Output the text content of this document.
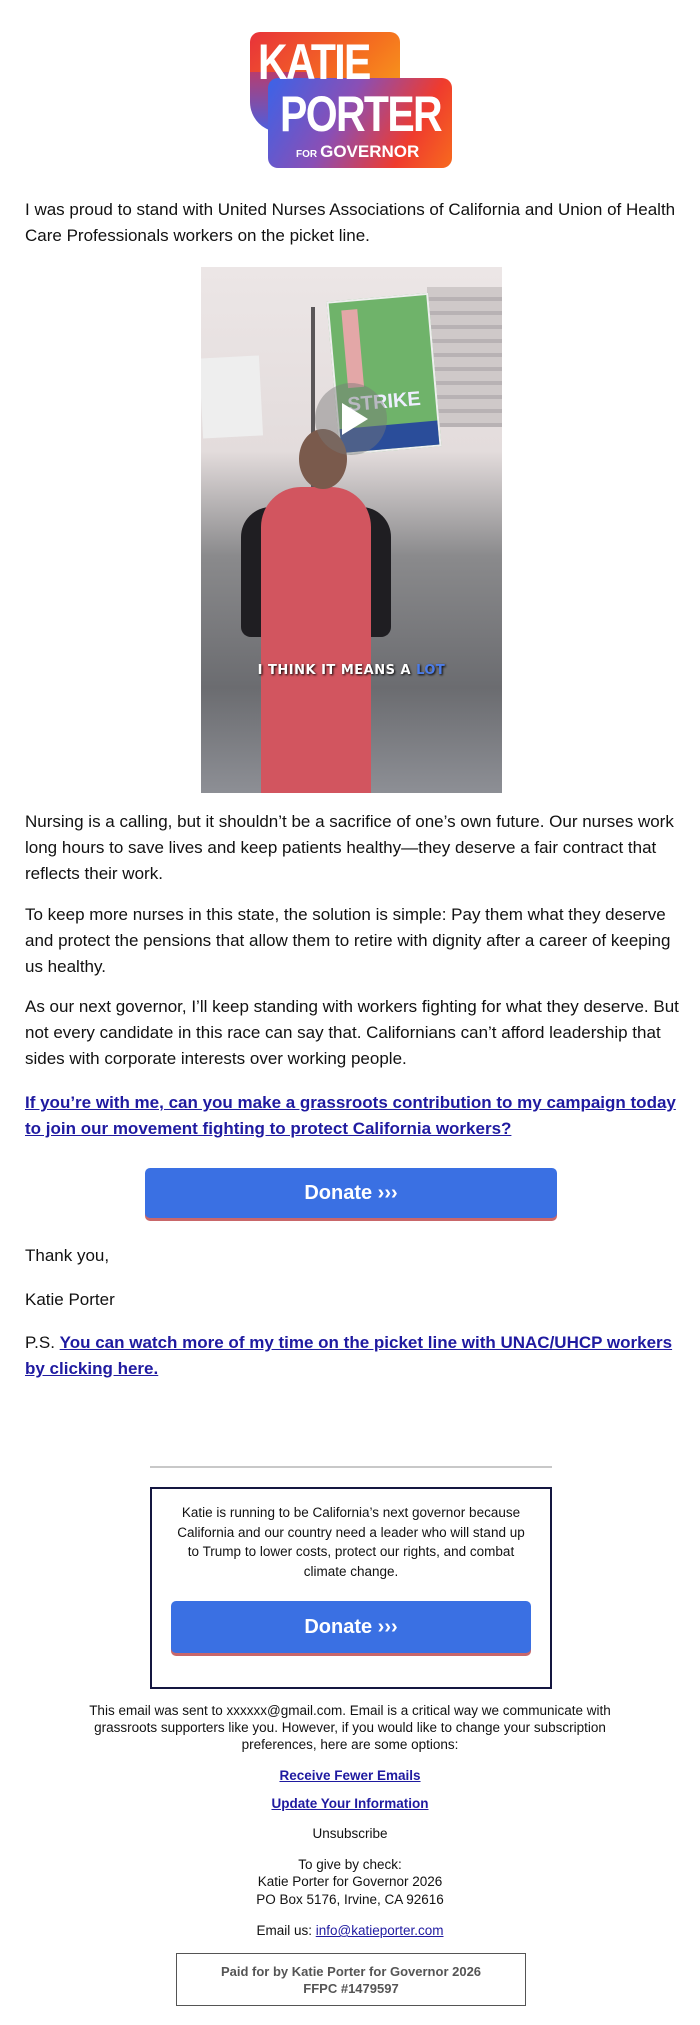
KATIE
PORTER
FOR GOVERNOR

I was proud to stand with United Nurses Associations of California and Union of Health Care Professionals workers on the picket line.

STRIKE
I THINK IT MEANS A LOT

Nursing is a calling, but it shouldn’t be a sacrifice of one’s own future. Our nurses work long hours to save lives and keep patients healthy—they deserve a fair contract that reflects their work.

To keep more nurses in this state, the solution is simple: Pay them what they deserve and protect the pensions that allow them to retire with dignity after a career of keeping us healthy.

As our next governor, I’ll keep standing with workers fighting for what they deserve. But not every candidate in this race can say that. Californians can’t afford leadership that sides with corporate interests over working people.

If you’re with me, can you make a grassroots contribution to my campaign today to join our movement fighting to protect California workers?

Donate ›››

Thank you,

Katie Porter

P.S. You can watch more of my time on the picket line with UNAC/UHCP workers by clicking here.

Katie is running to be California’s next governor because California and our country need a leader who will stand up to Trump to lower costs, protect our rights, and combat climate change.
Donate ›››
This email was sent to xxxxxx@gmail.com. Email is a critical way we communicate with grassroots supporters like you. However, if you would like to change your subscription preferences, here are some options:
Receive Fewer Emails
Update Your Information
Unsubscribe
To give by check:
Katie Porter for Governor 2026
PO Box 5176, Irvine, CA 92616
Email us: info@katieporter.com
Paid for by Katie Porter for Governor 2026
FFPC #1479597
